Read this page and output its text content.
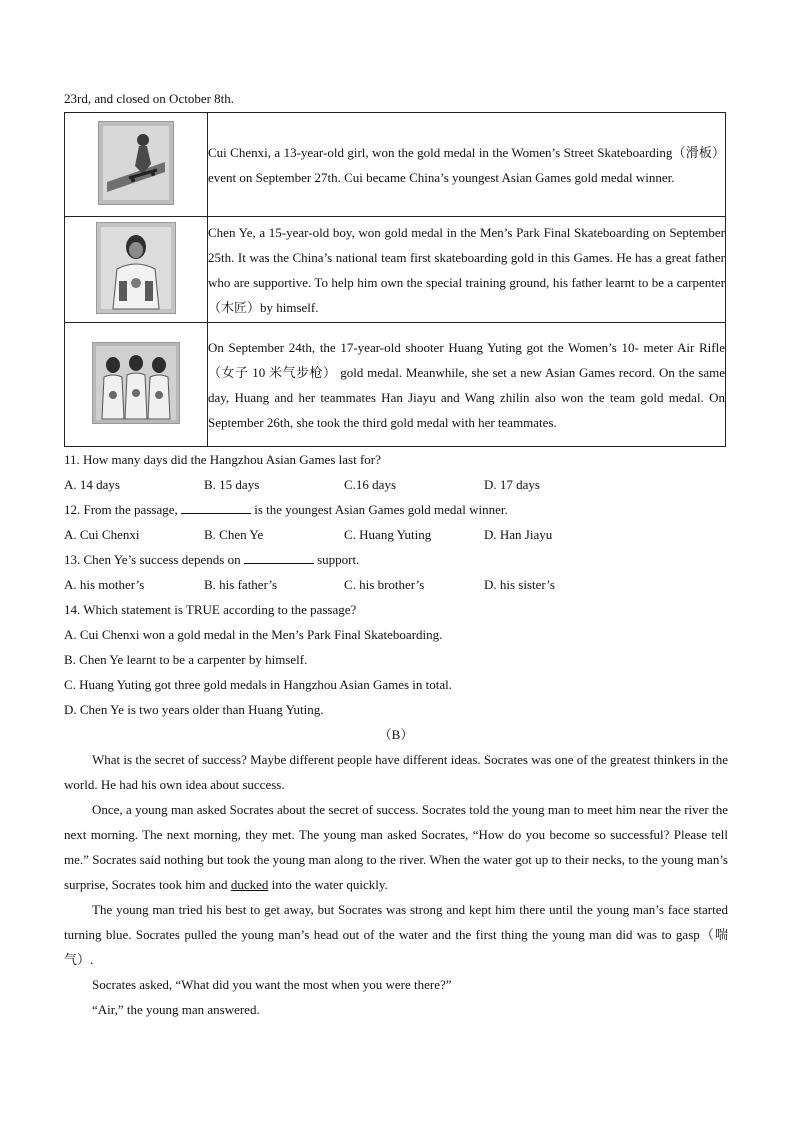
23rd, and closed on October 8th.
	Cui Chenxi, a 13-year-old girl, won the gold medal in the Women’s Street Skateboarding（滑板）event on September 27th. Cui became China’s youngest Asian Games gold medal winner.
	Chen Ye, a 15-year-old boy, won gold medal in the Men’s Park Final Skateboarding on September 25th. It was the China’s national team first skateboarding gold in this Games. He has a great father who are supportive. To help him own the special training ground, his father learnt to be a carpenter（木匠）by himself.
	On September 24th, the 17-year-old shooter Huang Yuting got the Women’s 10- meter Air Rifle（女子 10 米气步枪） gold medal. Meanwhile, she set a new Asian Games record. On the same day, Huang and her teammates Han Jiayu and Wang zhilin also won the team gold medal. On September 26th, she took the third gold medal with her teammates.
11. How many days did the Hangzhou Asian Games last for?
A. 14 days	B. 15 days	C.16 days	D. 17 days
12. From the passage,	is the youngest Asian Games gold medal winner.
A. Cui Chenxi	B. Chen Ye	C. Huang Yuting	D. Han Jiayu
13. Chen Ye’s success depends on	support.
A. his mother’s	B. his father’s	C. his brother’s	D. his sister’s
14. Which statement is TRUE according to the passage?
A. Cui Chenxi won a gold medal in the Men’s Park Final Skateboarding.
B. Chen Ye learnt to be a carpenter by himself.
C. Huang Yuting got three gold medals in Hangzhou Asian Games in total.
D. Chen Ye is two years older than Huang Yuting.
（B）
What is the secret of success? Maybe different people have different ideas. Socrates was one of the greatest thinkers in the world. He had his own idea about success.
Once, a young man asked Socrates about the secret of success. Socrates told the young man to meet him near the river the next morning. The next morning, they met. The young man asked Socrates, “How do you become so successful? Please tell me.” Socrates said nothing but took the young man along to the river. When the water got up to their necks, to the young man’s surprise, Socrates took him and ducked into the water quickly.
The young man tried his best to get away, but Socrates was strong and kept him there until the young man’s face started turning blue. Socrates pulled the young man’s head out of the water and the first thing the young man did was to gasp（喘气）.
Socrates asked, “What did you want the most when you were there?”
“Air,” the young man answered.
